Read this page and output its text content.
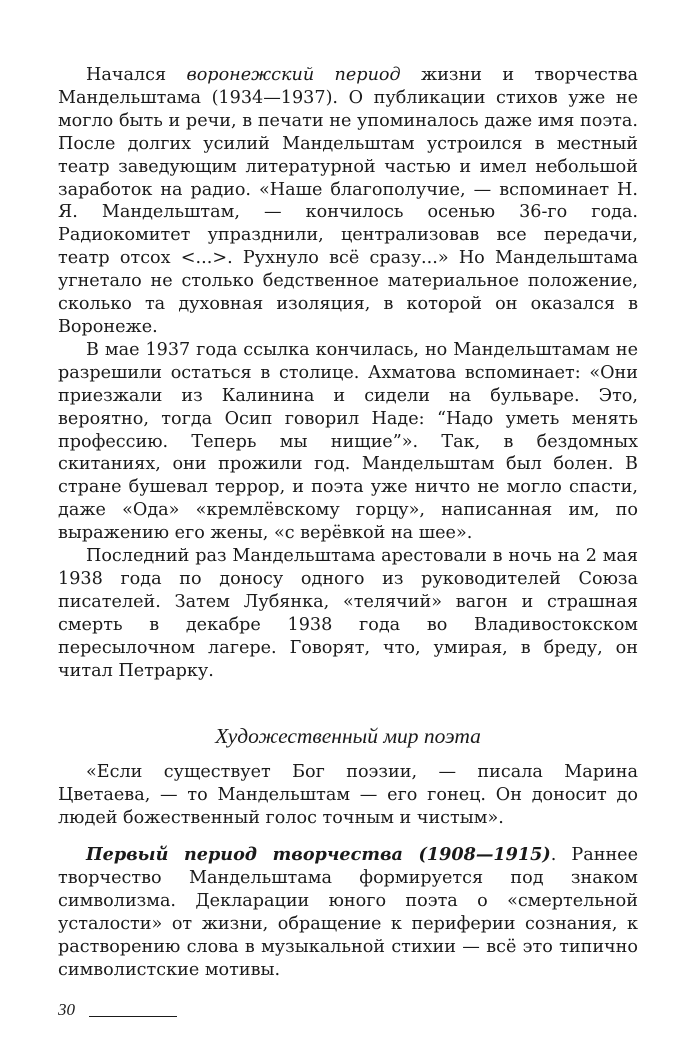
Начался воронежский период жизни и творчества Мандельштама (1934—1937). О публикации стихов уже не могло быть и речи, в печати не упоминалось даже имя поэта. После долгих усилий Мандельштам устроился в местный театр заведующим литературной частью и имел небольшой заработок на радио. «Наше благополучие, — вспоминает Н. Я. Мандельштам, — кончилось осенью 36-го года. Радиокомитет упразднили, централизовав все передачи, театр отсох <...>. Рухнуло всё сразу...» Но Мандельштама угнетало не столько бедственное материальное положение, сколько та духовная изоляция, в которой он оказался в Воронеже.

В мае 1937 года ссылка кончилась, но Мандельштамам не разрешили остаться в столице. Ахматова вспоминает: «Они приезжали из Калинина и сидели на бульваре. Это, вероятно, тогда Осип говорил Наде: “Надо уметь менять профессию. Теперь мы нищие”». Так, в бездомных скитаниях, они прожили год. Мандельштам был болен. В стране бушевал террор, и поэта уже ничто не могло спасти, даже «Ода» «кремлёвскому горцу», написанная им, по выражению его жены, «с верёвкой на шее».

Последний раз Мандельштама арестовали в ночь на 2 мая 1938 года по доносу одного из руководителей Союза писателей. Затем Лубянка, «телячий» вагон и страшная смерть в декабре 1938 года во Владивостокском пересылочном лагере. Говорят, что, умирая, в бреду, он читал Петрарку.

Художественный мир поэта

«Если существует Бог поэзии, — писала Марина Цветаева, — то Мандельштам — его гонец. Он доносит до людей божественный голос точным и чистым».

Первый период творчества (1908—1915). Раннее творчество Мандельштама формируется под знаком символизма. Декларации юного поэта о «смертельной усталости» от жизни, обращение к периферии сознания, к растворению слова в музыкальной стихии — всё это типично символистские мотивы.

30
